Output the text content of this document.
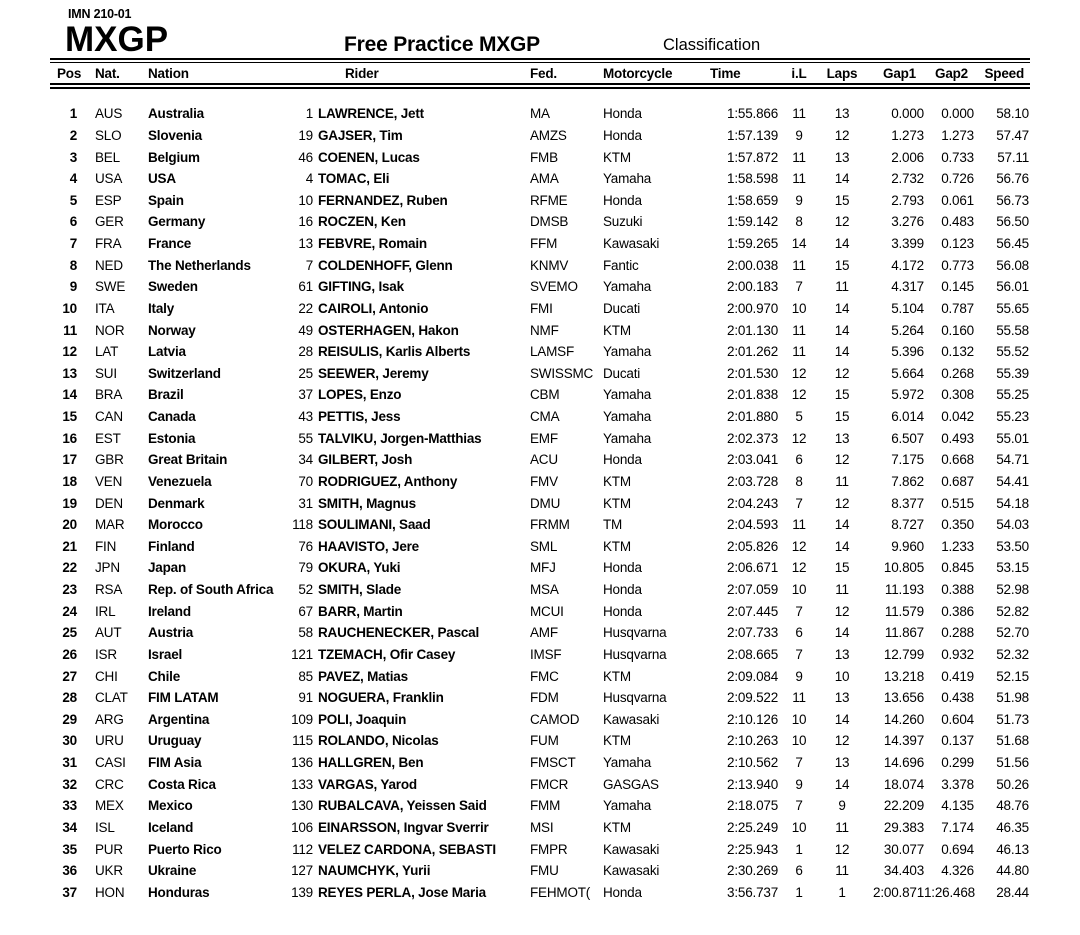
IMN 210-01
MXGP	Free Practice MXGP	Classification
Pos	Nat.	Nation	Rider	Fed.	Motorcycle	Time	i.L	Laps	Gap1	Gap2	Speed
1	AUS	Australia	1 LAWRENCE, Jett	MA	Honda	1:55.866	11	13	0.000	0.000	58.10
2	SLO	Slovenia	19 GAJSER, Tim	AMZS	Honda	1:57.139	9	12	1.273	1.273	57.47
3	BEL	Belgium	46 COENEN, Lucas	FMB	KTM	1:57.872	11	13	2.006	0.733	57.11
4	USA	USA	4 TOMAC, Eli	AMA	Yamaha	1:58.598	11	14	2.732	0.726	56.76
5	ESP	Spain	10 FERNANDEZ, Ruben	RFME	Honda	1:58.659	9	15	2.793	0.061	56.73
6	GER	Germany	16 ROCZEN, Ken	DMSB	Suzuki	1:59.142	8	12	3.276	0.483	56.50
7	FRA	France	13 FEBVRE, Romain	FFM	Kawasaki	1:59.265	14	14	3.399	0.123	56.45
8	NED	The Netherlands	7 COLDENHOFF, Glenn	KNMV	Fantic	2:00.038	11	15	4.172	0.773	56.08
9	SWE	Sweden	61 GIFTING, Isak	SVEMO	Yamaha	2:00.183	7	11	4.317	0.145	56.01
10	ITA	Italy	22 CAIROLI, Antonio	FMI	Ducati	2:00.970	10	14	5.104	0.787	55.65
11	NOR	Norway	49 OSTERHAGEN, Hakon	NMF	KTM	2:01.130	11	14	5.264	0.160	55.58
12	LAT	Latvia	28 REISULIS, Karlis Alberts	LAMSF	Yamaha	2:01.262	11	14	5.396	0.132	55.52
13	SUI	Switzerland	25 SEEWER, Jeremy	SWISSMC Ducati	2:01.530	12	12	5.664	0.268	55.39
14	BRA	Brazil	37 LOPES, Enzo	CBM	Yamaha	2:01.838	12	15	5.972	0.308	55.25
15	CAN	Canada	43 PETTIS, Jess	CMA	Yamaha	2:01.880	5	15	6.014	0.042	55.23
16	EST	Estonia	55 TALVIKU, Jorgen-Matthias	EMF	Yamaha	2:02.373	12	13	6.507	0.493	55.01
17	GBR	Great Britain	34 GILBERT, Josh	ACU	Honda	2:03.041	6	12	7.175	0.668	54.71
18	VEN	Venezuela	70 RODRIGUEZ, Anthony	FMV	KTM	2:03.728	8	11	7.862	0.687	54.41
19	DEN	Denmark	31 SMITH, Magnus	DMU	KTM	2:04.243	7	12	8.377	0.515	54.18
20	MAR	Morocco	118 SOULIMANI, Saad	FRMM	TM	2:04.593	11	14	8.727	0.350	54.03
21	FIN	Finland	76 HAAVISTO, Jere	SML	KTM	2:05.826	12	14	9.960	1.233	53.50
22	JPN	Japan	79 OKURA, Yuki	MFJ	Honda	2:06.671	12	15	10.805	0.845	53.15
23	RSA	Rep. of South Africa	52 SMITH, Slade	MSA	Honda	2:07.059	10	11	11.193	0.388	52.98
24	IRL	Ireland	67 BARR, Martin	MCUI	Honda	2:07.445	7	12	11.579	0.386	52.82
25	AUT	Austria	58 RAUCHENECKER, Pascal	AMF	Husqvarna	2:07.733	6	14	11.867	0.288	52.70
26	ISR	Israel	121 TZEMACH, Ofir Casey	IMSF	Husqvarna	2:08.665	7	13	12.799	0.932	52.32
27	CHI	Chile	85 PAVEZ, Matias	FMC	KTM	2:09.084	9	10	13.218	0.419	52.15
28	CLAT	FIM LATAM	91 NOGUERA, Franklin	FDM	Husqvarna	2:09.522	11	13	13.656	0.438	51.98
29	ARG	Argentina	109 POLI, Joaquin	CAMOD	Kawasaki	2:10.126	10	14	14.260	0.604	51.73
30	URU	Uruguay	115 ROLANDO, Nicolas	FUM	KTM	2:10.263	10	12	14.397	0.137	51.68
31	CASI	FIM Asia	136 HALLGREN, Ben	FMSCT	Yamaha	2:10.562	7	13	14.696	0.299	51.56
32	CRC	Costa Rica	133 VARGAS, Yarod	FMCR	GASGAS	2:13.940	9	14	18.074	3.378	50.26
33	MEX	Mexico	130 RUBALCAVA, Yeissen Said	FMM	Yamaha	2:18.075	7	9	22.209	4.135	48.76
34	ISL	Iceland	106 EINARSSON, Ingvar Sverrir	MSI	KTM	2:25.249	10	11	29.383	7.174	46.35
35	PUR	Puerto Rico	112 VELEZ CARDONA, SEBASTI	FMPR	Kawasaki	2:25.943	1	12	30.077	0.694	46.13
36	UKR	Ukraine	127 NAUMCHYK, Yurii	FMU	Kawasaki	2:30.269	6	11	34.403	4.326	44.80
37	HON	Honduras	139 REYES PERLA, Jose Maria	FEHMOT( Honda	3:56.737	1	1	2:00.871 1:26.468	28.44
